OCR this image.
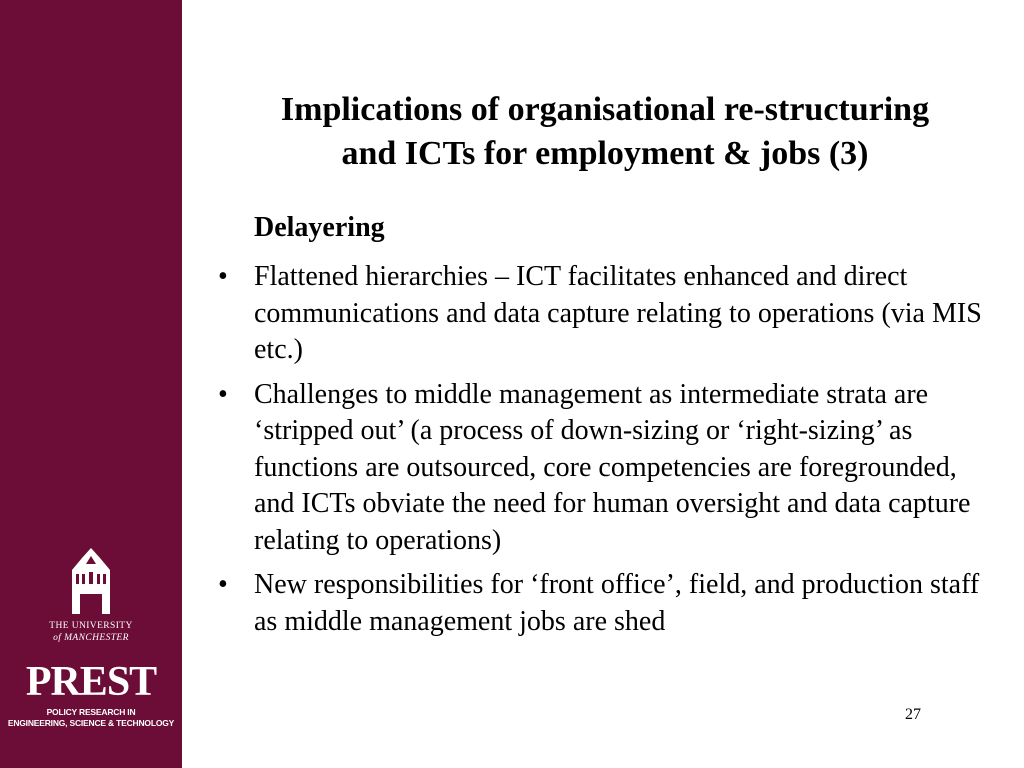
THE UNIVERSITY
of MANCHESTER
PREST
POLICY RESEARCH IN
ENGINEERING, SCIENCE & TECHNOLOGY
Implications of organisational re-structuring
and ICTs for employment & jobs (3)
Delayering
• Flattened hierarchies – ICT facilitates enhanced and direct communications and data capture relating to operations (via MIS etc.)
• Challenges to middle management as intermediate strata are ‘stripped out’ (a process of down-sizing or ‘right-sizing’ as functions are outsourced, core competencies are foregrounded, and ICTs obviate the need for human oversight and data capture relating to operations)
• New responsibilities for ‘front office’, field, and production staff as middle management jobs are shed
27
